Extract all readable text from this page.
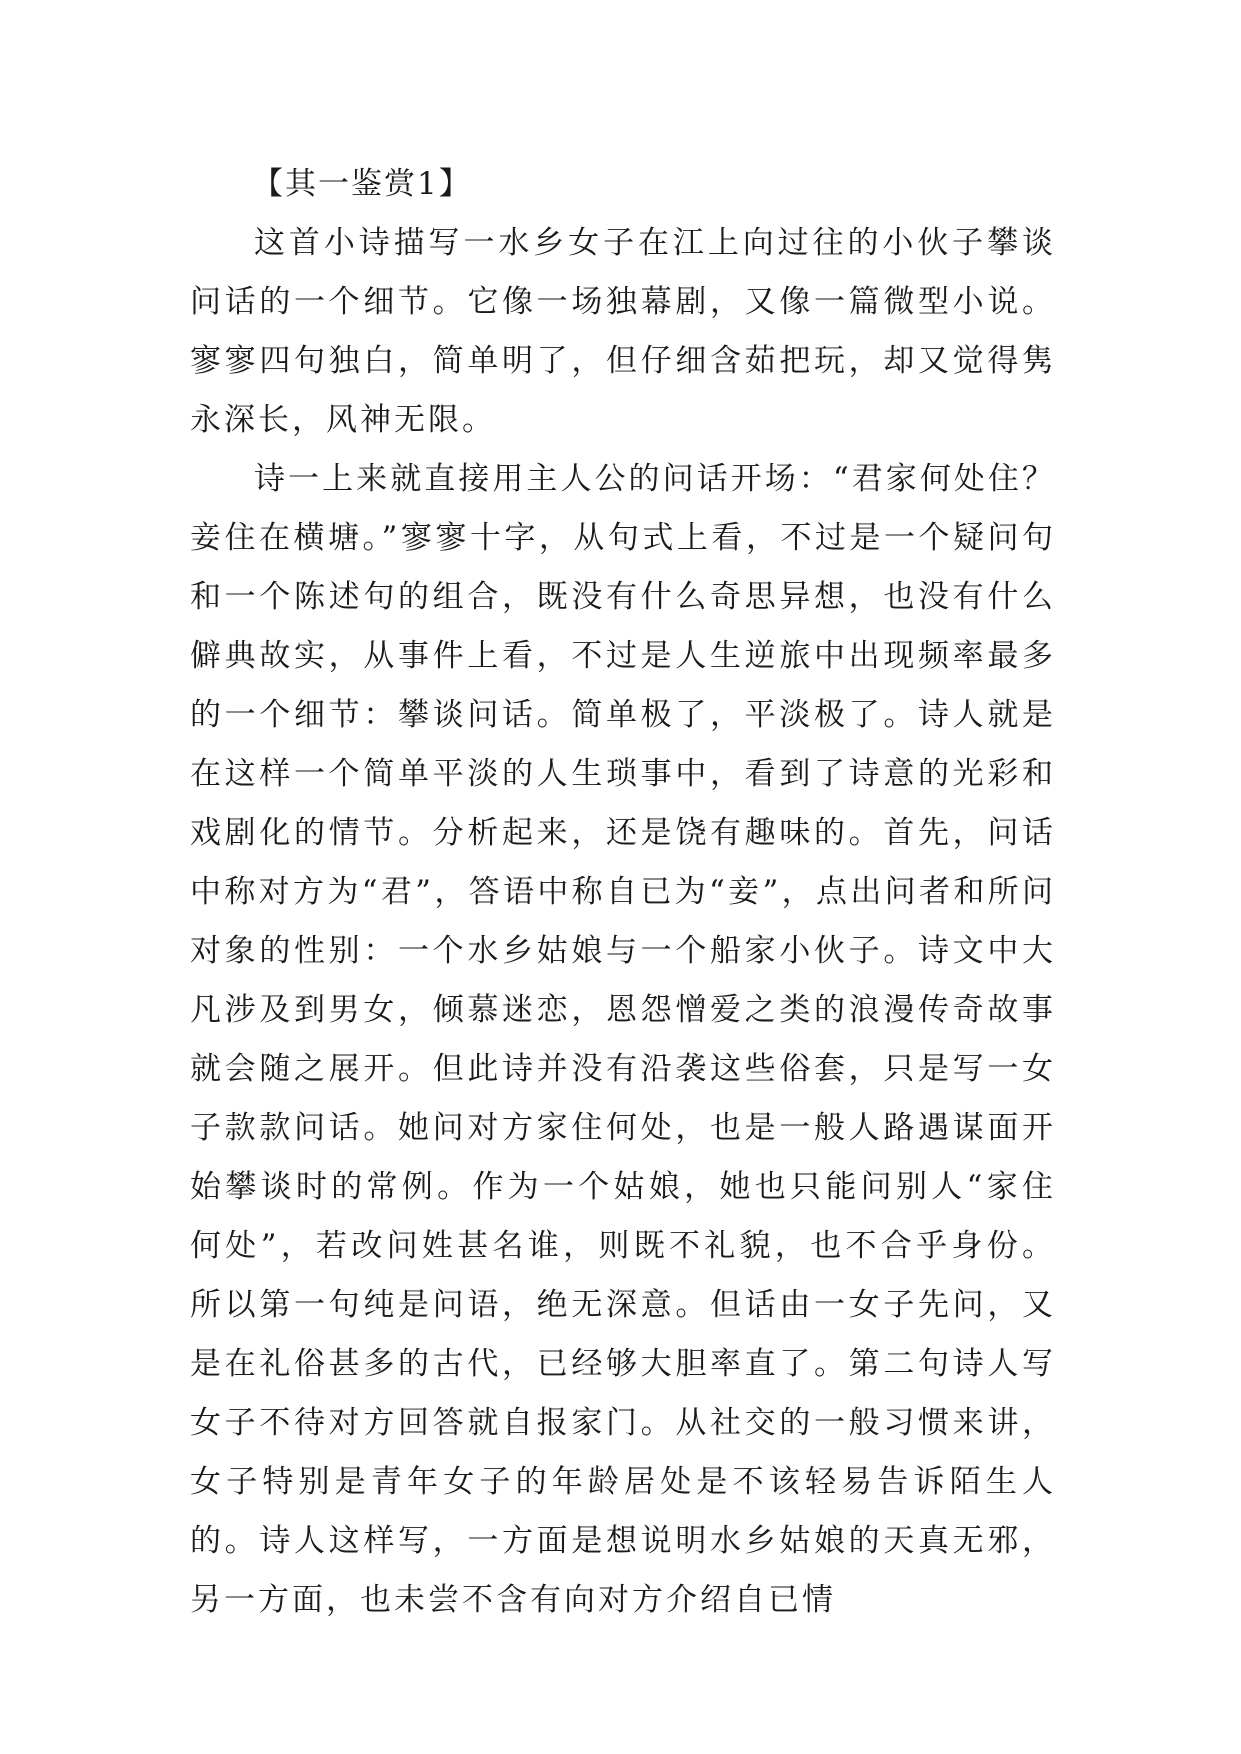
【其一鉴赏1】

这首小诗描写一水乡女子在江上向过往的小伙子攀谈问话的一个细节。它像一场独幕剧，又像一篇微型小说。寥寥四句独白，简单明了，但仔细含茹把玩，却又觉得隽永深长，风神无限。

诗一上来就直接用主人公的问话开场：“君家何处住？妾住在横塘。”寥寥十字，从句式上看，不过是一个疑问句和一个陈述句的组合，既没有什么奇思异想，也没有什么僻典故实，从事件上看，不过是人生逆旅中出现频率最多的一个细节：攀谈问话。简单极了，平淡极了。诗人就是在这样一个简单平淡的人生琐事中，看到了诗意的光彩和戏剧化的情节。分析起来，还是饶有趣味的。首先，问话中称对方为“君”，答语中称自已为“妾”，点出问者和所问对象的性别：一个水乡姑娘与一个船家小伙子。诗文中大凡涉及到男女，倾慕迷恋，恩怨憎爱之类的浪漫传奇故事就会随之展开。但此诗并没有沿袭这些俗套，只是写一女子款款问话。她问对方家住何处，也是一般人路遇谋面开始攀谈时的常例。作为一个姑娘，她也只能问别人“家住何处”，若改问姓甚名谁，则既不礼貌，也不合乎身份。所以第一句纯是问语，绝无深意。但话由一女子先问，又是在礼俗甚多的古代，已经够大胆率直了。第二句诗人写女子不待对方回答就自报家门。从社交的一般习惯来讲，女子特别是青年女子的年龄居处是不该轻易告诉陌生人的。诗人这样写，一方面是想说明水乡姑娘的天真无邪，另一方面，也未尝不含有向对方介绍自已情
